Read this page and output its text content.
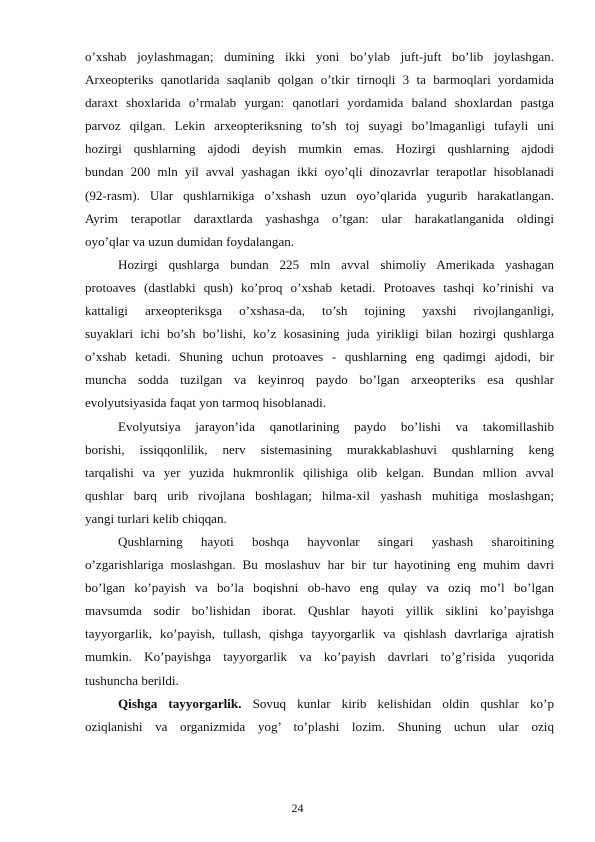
o’xshab joylashmagan; dumining ikki yoni bo’ylab juft-juft bo’lib joylashgan.
Arxeopteriks qanotlarida saqlanib qolgan o’tkir tirnoqli 3 ta barmoqlari yordamida
daraxt shoxlarida o’rmalab yurgan: qanotlari yordamida baland shoxlardan pastga
parvoz qilgan. Lekin arxeopteriksning to’sh toj suyagi bo’lmaganligi tufayli uni
hozirgi qushlarning ajdodi deyish mumkin emas. Hozirgi qushlarning ajdodi
bundan 200 mln yil avval yashagan ikki oyo’qli dinozavrlar terapotlar hisoblanadi
(92-rasm). Ular qushlarnikiga o’xshash uzun oyo’qlarida yugurib harakatlangan.
Ayrim terapotlar daraxtlarda yashashga o’tgan: ular harakatlanganida oldingi
oyo’qlar va uzun dumidan foydalangan.
Hozirgi qushlarga bundan 225 mln avval shimoliy Amerikada yashagan
protoaves (dastlabki qush) ko’proq o’xshab ketadi. Protoaves tashqi ko’rinishi va
kattaligi arxeopteriksga o’xshasa-da, to’sh tojining yaxshi rivojlanganligi,
suyaklari ichi bo’sh bo’lishi, ko’z kosasining juda yirikligi bilan hozirgi qushlarga
o’xshab ketadi. Shuning uchun protoaves - qushlarning eng qadimgi ajdodi, bir
muncha sodda tuzilgan va keyinroq paydo bo’lgan arxeopteriks esa qushlar
evolyutsiyasida faqat yon tarmoq hisoblanadi.
Evolyutsiya jarayon’ida qanotlarining paydo bo’lishi va takomillashib
borishi, issiqqonlilik, nerv sistemasining murakkablashuvi qushlarning keng
tarqalishi va yer yuzida hukmronlik qilishiga olib kelgan. Bundan mllion avval
qushlar barq urib rivojlana boshlagan; hilma-xil yashash muhitiga moslashgan;
yangi turlari kelib chiqqan.
Qushlarning hayoti boshqa hayvonlar singari yashash sharoitining
o’zgarishlariga moslashgan. Bu moslashuv har bir tur hayotining eng muhim davri
bo’lgan ko’payish va bo’la boqishni ob-havo eng qulay va oziq mo’l bo’lgan
mavsumda sodir bo’lishidan iborat. Qushlar hayoti yillik siklini ko’payishga
tayyorgarlik, ko’payish, tullash, qishga tayyorgarlik va qishlash davrlariga ajratish
mumkin. Ko’payishga tayyorgarlik va ko’payish davrlari to’g’risida yuqorida
tushuncha berildi.
Qishga tayyorgarlik. Sovuq kunlar kirib kelishidan oldin qushlar ko’p
oziqlanishi va organizmida yog’ to’plashi lozim. Shuning uchun ular oziq
24
